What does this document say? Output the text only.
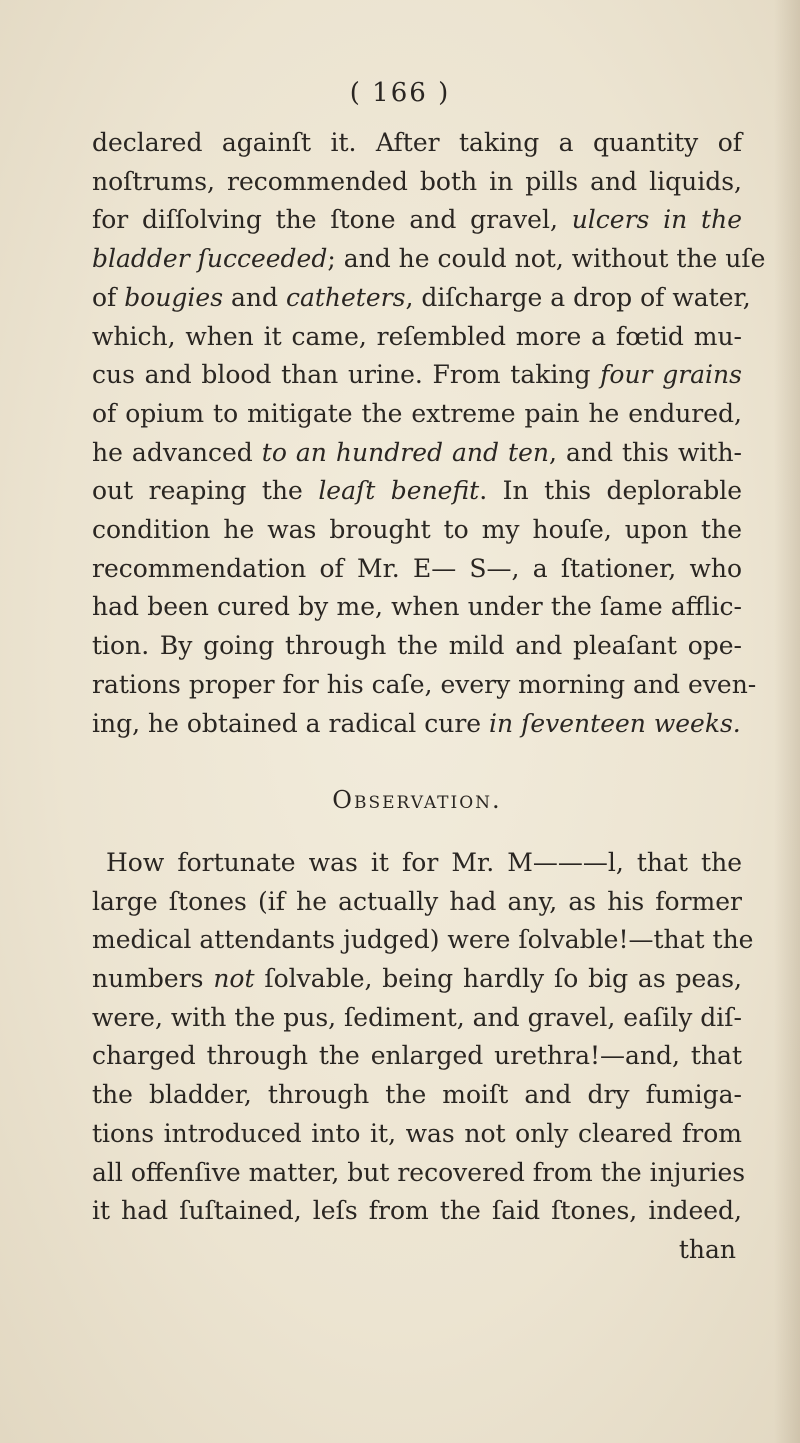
( 166 )

declared againſt it. After taking a quantity of
noſtrums, recommended both in pills and liquids,
for diſſolving the ſtone and gravel, ulcers in the
bladder ſucceeded; and he could not, without the uſe
of bougies and catheters, diſcharge a drop of water,
which, when it came, reſembled more a fœtid mu-
cus and blood than urine. From taking four grains
of opium to mitigate the extreme pain he endured,
he advanced to an hundred and ten, and this with-
out reaping the leaſt benefit. In this deplorable
condition he was brought to my houſe, upon the
recommendation of Mr. E— S—, a ſtationer, who
had been cured by me, when under the ſame afflic-
tion. By going through the mild and pleaſant ope-
rations proper for his caſe, every morning and even-
ing, he obtained a radical cure in ſeventeen weeks.

Observation.

How fortunate was it for Mr. M———l, that the
large ſtones (if he actually had any, as his former
medical attendants judged) were ſolvable!—that the
numbers not ſolvable, being hardly ſo big as peas,
were, with the pus, ſediment, and gravel, eaſily diſ-
charged through the enlarged urethra!—and, that
the bladder, through the moiſt and dry fumiga-
tions introduced into it, was not only cleared from
all offenſive matter, but recovered from the injuries
it had ſuſtained, leſs from the ſaid ſtones, indeed,

than
